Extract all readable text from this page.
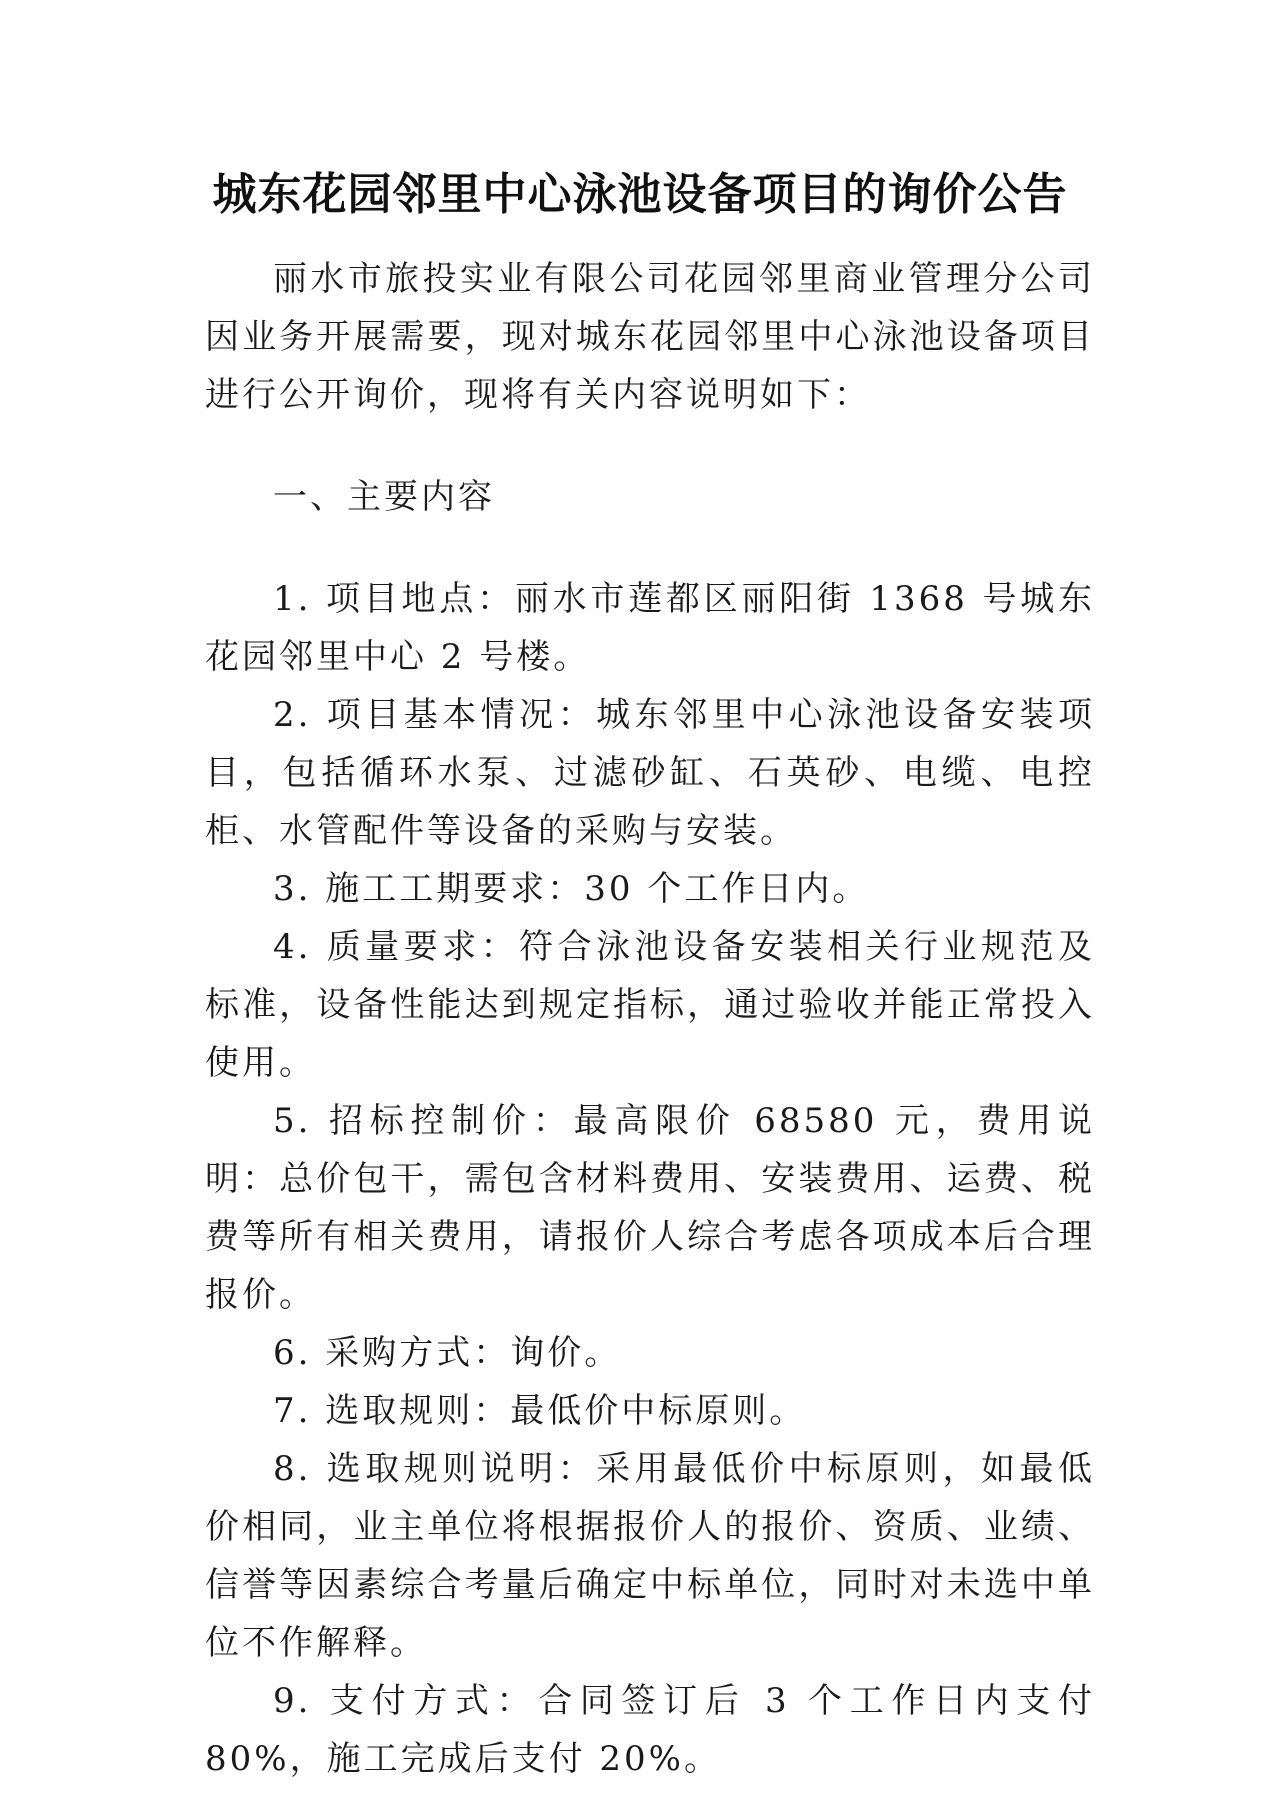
城东花园邻里中心泳池设备项目的询价公告

丽水市旅投实业有限公司花园邻里商业管理分公司因业务开展需要，现对城东花园邻里中心泳池设备项目进行公开询价，现将有关内容说明如下：

一、主要内容

1. 项目地点：丽水市莲都区丽阳街 1368 号城东花园邻里中心 2 号楼。

2. 项目基本情况：城东邻里中心泳池设备安装项目，包括循环水泵、过滤砂缸、石英砂、电缆、电控柜、水管配件等设备的采购与安装。

3. 施工工期要求：30 个工作日内。

4. 质量要求：符合泳池设备安装相关行业规范及标准，设备性能达到规定指标，通过验收并能正常投入使用。

5. 招标控制价：最高限价 68580 元，费用说明：总价包干，需包含材料费用、安装费用、运费、税费等所有相关费用，请报价人综合考虑各项成本后合理报价。

6. 采购方式：询价。

7. 选取规则：最低价中标原则。

8. 选取规则说明：采用最低价中标原则，如最低价相同，业主单位将根据报价人的报价、资质、业绩、信誉等因素综合考量后确定中标单位，同时对未选中单位不作解释。

9. 支付方式：合同签订后 3 个工作日内支付 80%，施工完成后支付 20%。
